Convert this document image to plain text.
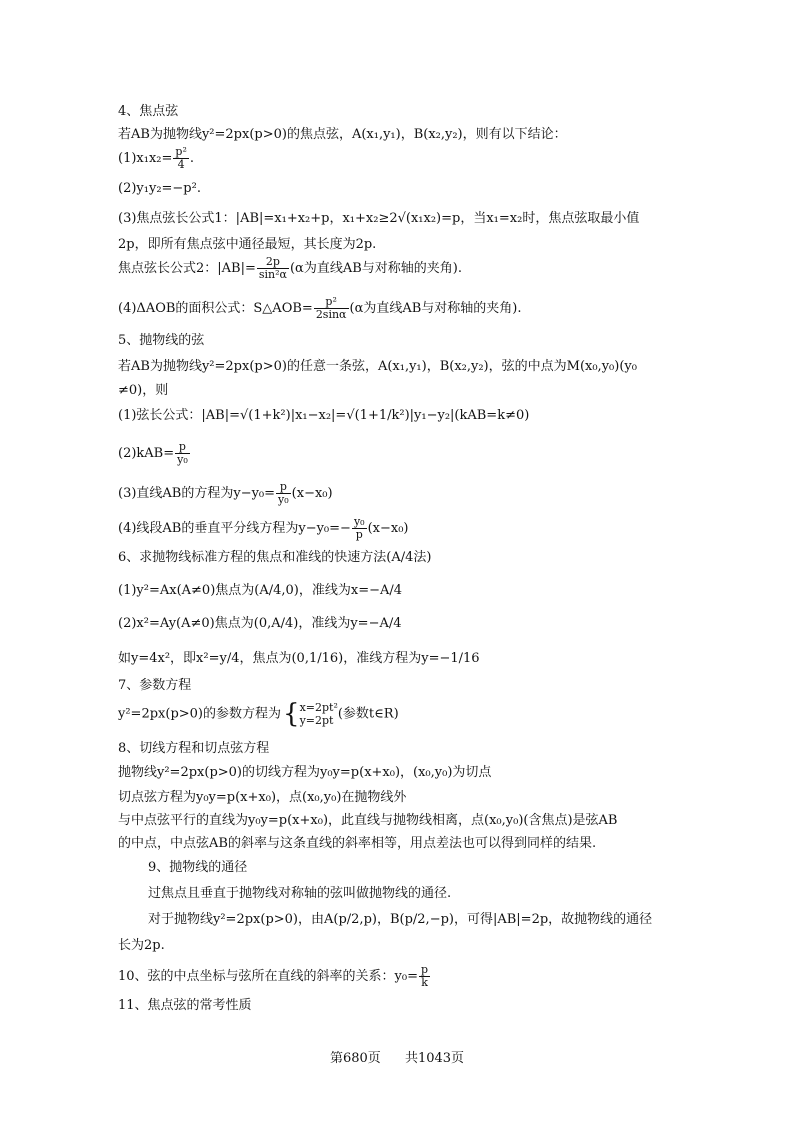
4、焦点弦
若AB为抛物线y²=2px(p>0)的焦点弦，A(x₁,y₁)，B(x₂,y₂)，则有以下结论：
$(1)x_1x_2= \frac{\text{p²}}{4}$ .
(2)y₁y₂=−p².
(3)焦点弦长公式1：|AB|=x₁+x₂+p，x₁+x₂≥2√(x₁x₂)=p，当x₁=x₂时，焦点弦取最小值
2p，即所有焦点弦中通径最短，其长度为2p.
焦点弦长公式2：$|AB|= \frac{2p}{\text{sin²α}} (\alpha$为直线AB与对称轴的夹角).
(4)ΔAOB的面积公式：S△AOB= $\frac{\text{p²}}{2\sin\alpha} (\alpha$为直线AB与对称轴的夹角).
5、抛物线的弦
若AB为抛物线y²=2px(p>0)的任意一条弦，A(x₁,y₁)，B(x₂,y₂)，弦的中点为M(x₀,y₀)(y₀
≠0)，则
(1)弦长公式：|AB|=√(1+k²)|x₁−x₂|=√(1+1/k²)|y₁−y₂|(kAB=k≠0)
$(2)kAB= \frac{p}{\text{y₀}}$
(3)直线AB的方程为$y-y_0= \frac{p}{\text{y₀}} (x-x_0)$
(4)线段AB的垂直平分线方程为$y-y_0=- \frac{\text{y₀}}{p} (x-x_0)$
6、求抛物线标准方程的焦点和准线的快速方法(A/4法)
(1)y²=Ax(A≠0)焦点为(A/4,0)，准线为x=−A/4
(2)x²=Ay(A≠0)焦点为(0,A/4)，准线为y=−A/4
如y=4x²，即x²=y/4，焦点为(0,1/16)，准线方程为y=−1/16
7、参数方程
y²=2px(p>0)的参数方程为{ x=2pt²
y=2pt (参数t∈R)
8、切线方程和切点弦方程
抛物线y²=2px(p>0)的切线方程为y₀y=p(x+x₀)，(x₀,y₀)为切点
切点弦方程为y₀y=p(x+x₀)，点(x₀,y₀)在抛物线外
与中点弦平行的直线为y₀y=p(x+x₀)，此直线与抛物线相离，点(x₀,y₀)(含焦点)是弦AB
的中点，中点弦AB的斜率与这条直线的斜率相等，用点差法也可以得到同样的结果.
9、抛物线的通径
过焦点且垂直于抛物线对称轴的弦叫做抛物线的通径.
对于抛物线y²=2px(p>0)，由A(p/2,p)，B(p/2,−p)，可得|AB|=2p，故抛物线的通径
长为2p.
10、弦的中点坐标与弦所在直线的斜率的关系：$y_0= \frac{p}{k}$
11、焦点弦的常考性质
第680页 共1043页
